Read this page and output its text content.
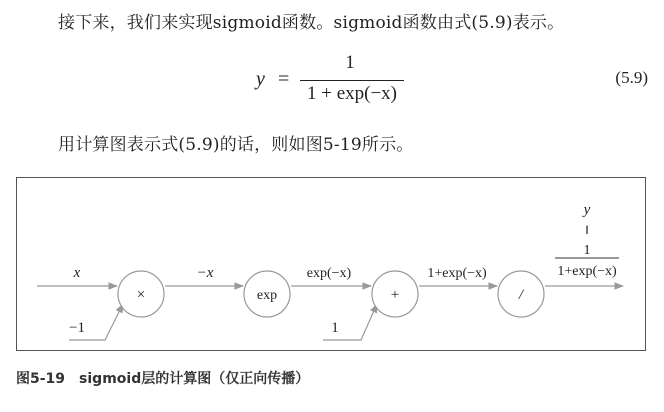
接下来，我们来实现sigmoid函数。sigmoid函数由式(5.9)表示。
y =
1
1 + exp(−x)
(5.9)
用计算图表示式(5.9)的话，则如图5-19所示。
×	exp	+	/
x
−1
−x	exp(−x)
1
1+exp(−x)
y
‖
1
1+exp(−x)
图5-19 sigmoid层的计算图（仅正向传播）
